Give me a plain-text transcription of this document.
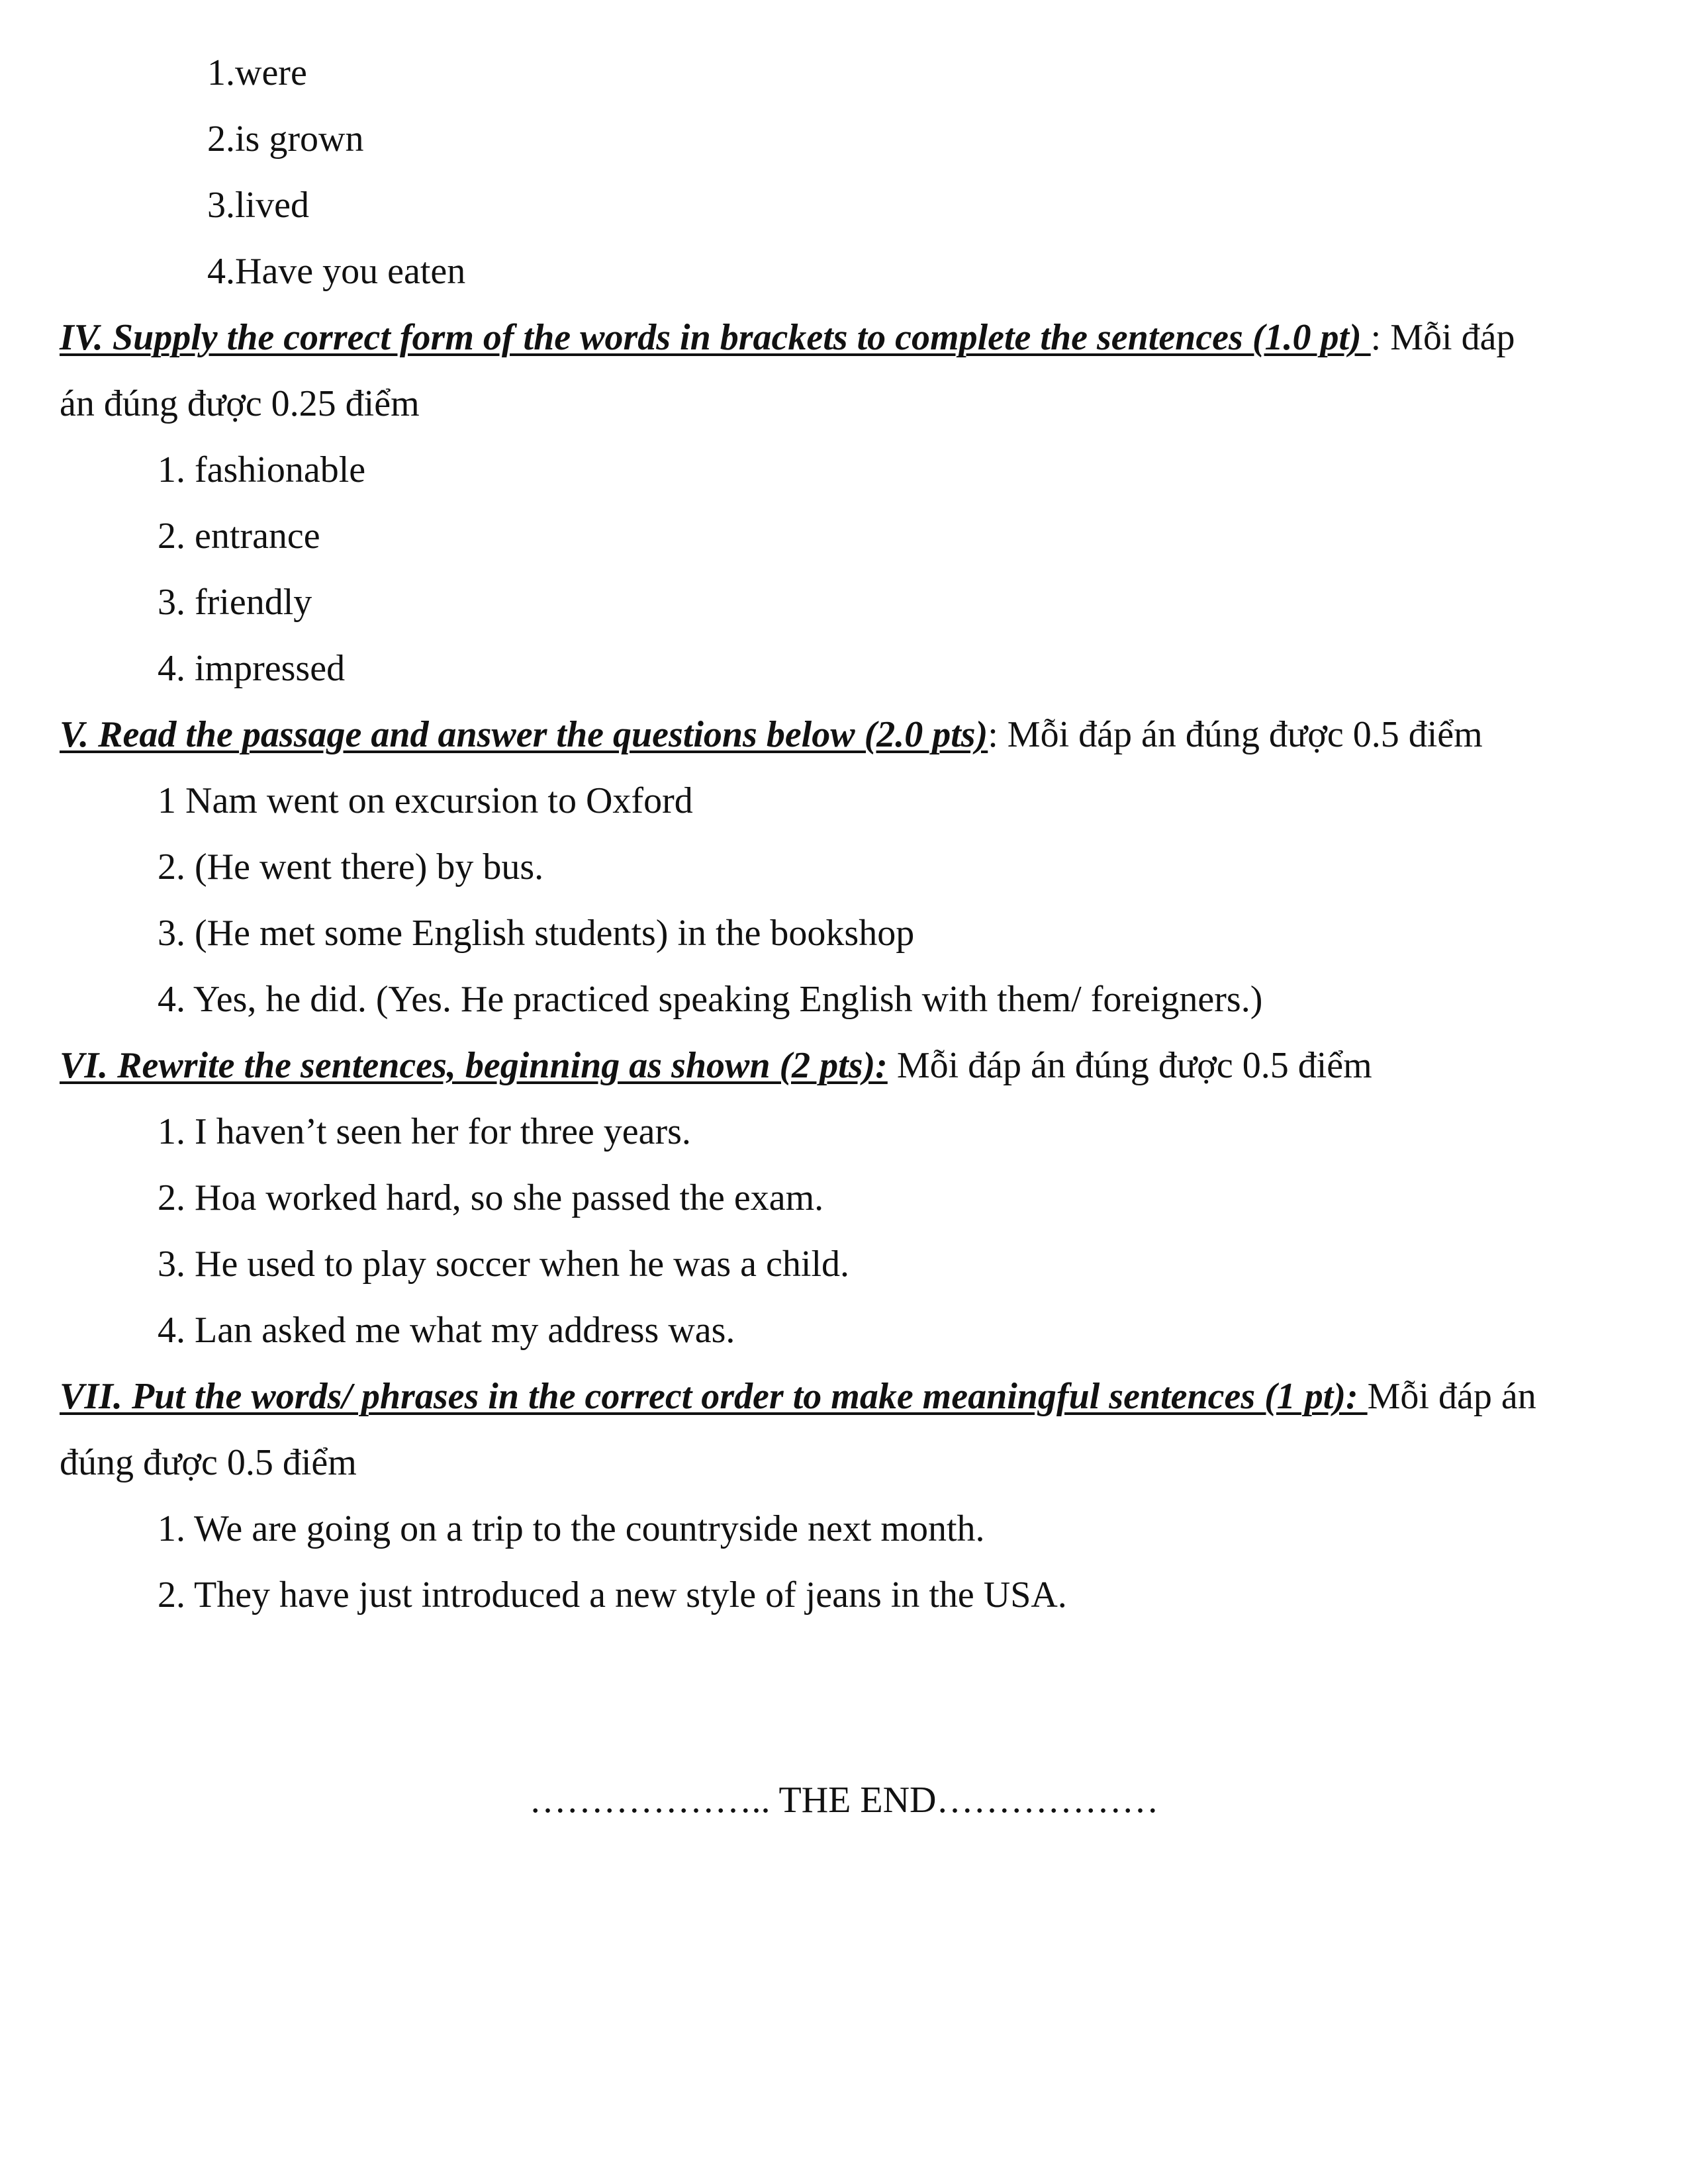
1.were
2.is grown
3.lived
4.Have you eaten
IV. Supply the correct form of the words in brackets to complete the sentences (1.0 pt) : Mỗi đáp
án đúng được 0.25 điểm
1. fashionable
2. entrance
3. friendly
4. impressed
V. Read the passage and answer the questions below (2.0 pts): Mỗi đáp án đúng được 0.5 điểm
1 Nam went on excursion to Oxford
2. (He went there) by bus.
3. (He met some English students) in the bookshop
4. Yes, he did. (Yes. He practiced speaking English with them/ foreigners.)
VI. Rewrite the sentences, beginning as shown (2 pts): Mỗi đáp án đúng được 0.5 điểm
1. I haven’t seen her for three years.
2. Hoa worked hard, so she passed the exam.
3. He used to play soccer when he was a child.
4. Lan asked me what my address was.
VII. Put the words/ phrases in the correct order to make meaningful sentences (1 pt): Mỗi đáp án
đúng được 0.5 điểm
1. We are going on a trip to the countryside next month.
2. They have just introduced a new style of jeans in the USA.
……………….. THE END………………
